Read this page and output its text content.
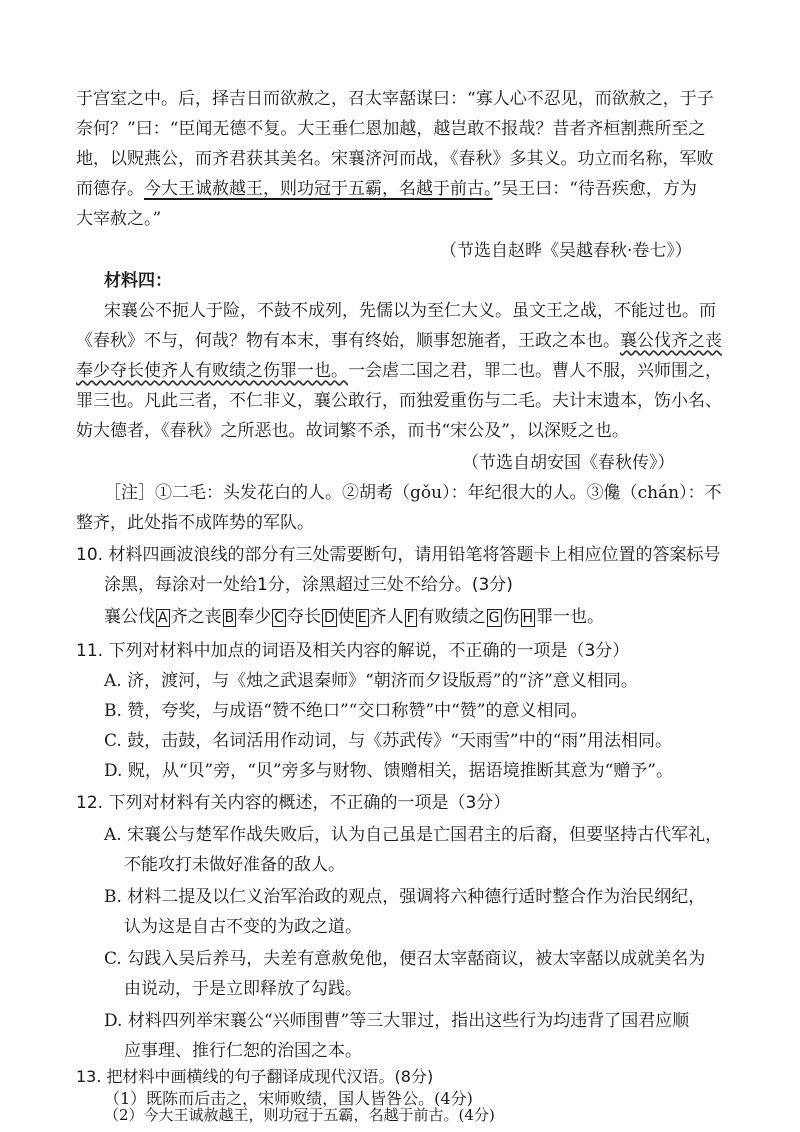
于宫室之中。后，择吉日而欲赦之，召太宰嚭谋曰：“寡人心不忍见，而欲赦之，于子
奈何？”曰：“臣闻无德不复。大王垂仁恩加越，越岂敢不报哉？昔者齐桓割燕所至之
地，以贶燕公，而齐君获其美名。宋襄济河而战，《春秋》多其义。功立而名称，军败
而德存。今大王诚赦越王，则功冠于五霸，名越于前古。”吴王曰：“待吾疾愈，方为
大宰赦之。”
（节选自赵晔《吴越春秋·卷七》）
材料四：
宋襄公不扼人于险，不鼓不成列，先儒以为至仁大义。虽文王之战，不能过也。而
《春秋》不与，何哉？物有本末，事有终始，顺事恕施者，王政之本也。襄公伐齐之丧
奉少夺长使齐人有败绩之伤罪一也。一会虐二国之君，罪二也。曹人不服，兴师围之，
罪三也。凡此三者，不仁非义，襄公敢行，而独爱重伤与二毛。夫计末遗本，饬小名、
妨大德者，《春秋》之所恶也。故词繁不杀，而书“宋公及”，以深贬之也。
（节选自胡安国《春秋传》）
［注］①二毛：头发花白的人。②胡耇（gǒu）：年纪很大的人。③儳（chán）：不
整齐，此处指不成阵势的军队。
10. 材料四画波浪线的部分有三处需要断句，请用铅笔将答题卡上相应位置的答案标号
涂黑，每涂对一处给1分，涂黑超过三处不给分。(3分)
襄公伐 A 齐之丧 B 奉少 C 夺长 D 使 E 齐人 F 有败绩之 G 伤 H 罪一也。
11. 下列对材料中加点的词语及相关内容的解说，不正确的一项是（3分）
A. 济，渡河，与《烛之武退秦师》“朝济而夕设版焉”的“济”意义相同。
B. 赞，夸奖，与成语“赞不绝口”“交口称赞”中“赞”的意义相同。
C. 鼓，击鼓，名词活用作动词，与《苏武传》“天雨雪”中的“雨”用法相同。
D. 贶，从“贝”旁，“贝”旁多与财物、馈赠相关，据语境推断其意为“赠予”。
12. 下列对材料有关内容的概述，不正确的一项是（3分）
A. 宋襄公与楚军作战失败后，认为自己虽是亡国君主的后裔，但要坚持古代军礼，
不能攻打未做好准备的敌人。
B. 材料二提及以仁义治军治政的观点，强调将六种德行适时整合作为治民纲纪，
认为这是自古不变的为政之道。
C. 勾践入吴后养马，夫差有意赦免他，便召太宰嚭商议，被太宰嚭以成就美名为
由说动，于是立即释放了勾践。
D. 材料四列举宋襄公“兴师围曹”等三大罪过，指出这些行为均违背了国君应顺
应事理、推行仁恕的治国之本。
13. 把材料中画横线的句子翻译成现代汉语。(8分)
（1）既陈而后击之，宋师败绩，国人皆咎公。(4分)
（2）今大王诚赦越王，则功冠于五霸，名越于前古。(4分)
